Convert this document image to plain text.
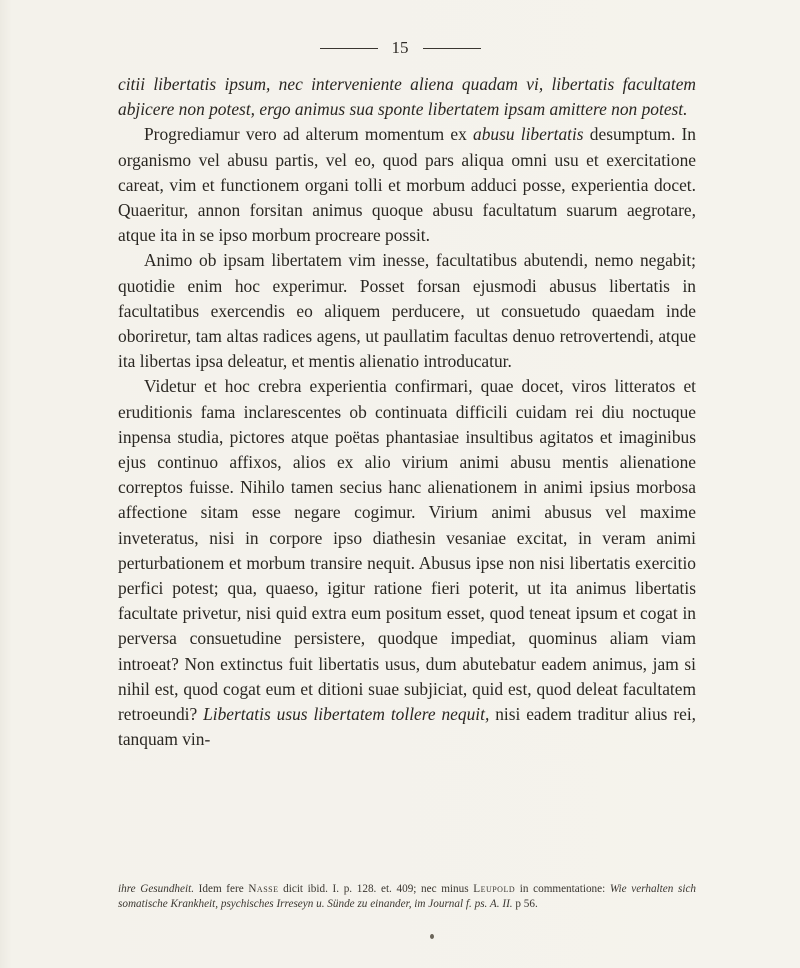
15

citii libertatis ipsum, nec interveniente aliena quadam vi, libertatis facultatem abjicere non potest, ergo animus sua sponte libertatem ipsam amittere non potest.

Progrediamur vero ad alterum momentum ex abusu libertatis desumptum. In organismo vel abusu partis, vel eo, quod pars aliqua omni usu et exercitatione careat, vim et functionem organi tolli et morbum adduci posse, experientia docet. Quaeritur, annon forsitan animus quoque abusu facultatum suarum aegrotare, atque ita in se ipso morbum procreare possit.

Animo ob ipsam libertatem vim inesse, facultatibus abutendi, nemo negabit; quotidie enim hoc experimur. Posset forsan ejusmodi abusus libertatis in facultatibus exercendis eo aliquem perducere, ut consuetudo quaedam inde oborirеtur, tam altas radices agens, ut paullatim facultas denuo retrovertendi, atque ita libertas ipsa deleatur, et mentis alienatio introducatur.

Videtur et hoc crebra experientia confirmari, quae docet, viros litteratos et eruditionis fama inclarescentes ob continuata difficili cuidam rei diu noctuque inpensa studia, pictores atque poëtas phantasiae insultibus agitatos et imaginibus ejus continuo affixos, alios ex alio virium animi abusu mentis alienatione correptos fuisse. Nihilo tamen secius hanc alienationem in animi ipsius morbosa affectione sitam esse negare cogimur. Virium animi abusus vel maxime inveteratus, nisi in corpore ipso diathesin vesaniae excitat, in veram animi perturbationem et morbum transire nequit. Abusus ipse non nisi libertatis exercitio perfici potest; qua, quaeso, igitur ratione fieri poterit, ut ita animus libertatis facultate privetur, nisi quid extra eum positum esset, quod teneat ipsum et cogat in perversa consuetudine persistere, quodque impediat, quominus aliam viam introeat? Non extinctus fuit libertatis usus, dum abutebatur eadem animus, jam si nihil est, quod cogat eum et ditioni suae subjiciat, quid est, quod deleat facultatem retroeundi? Libertatis usus libertatem tollere nequit, nisi eadem traditur alius rei, tanquam vin-

ihre Gesundheit. Idem fere Nasse dicit ibid. I. p. 128. et. 409; nec minus Leupold in commentatione: Wie verhalten sich somatische Krankheit, psychisches Irreseyn u. Sünde zu einander, im Journal f. ps. A. II. p 56.
